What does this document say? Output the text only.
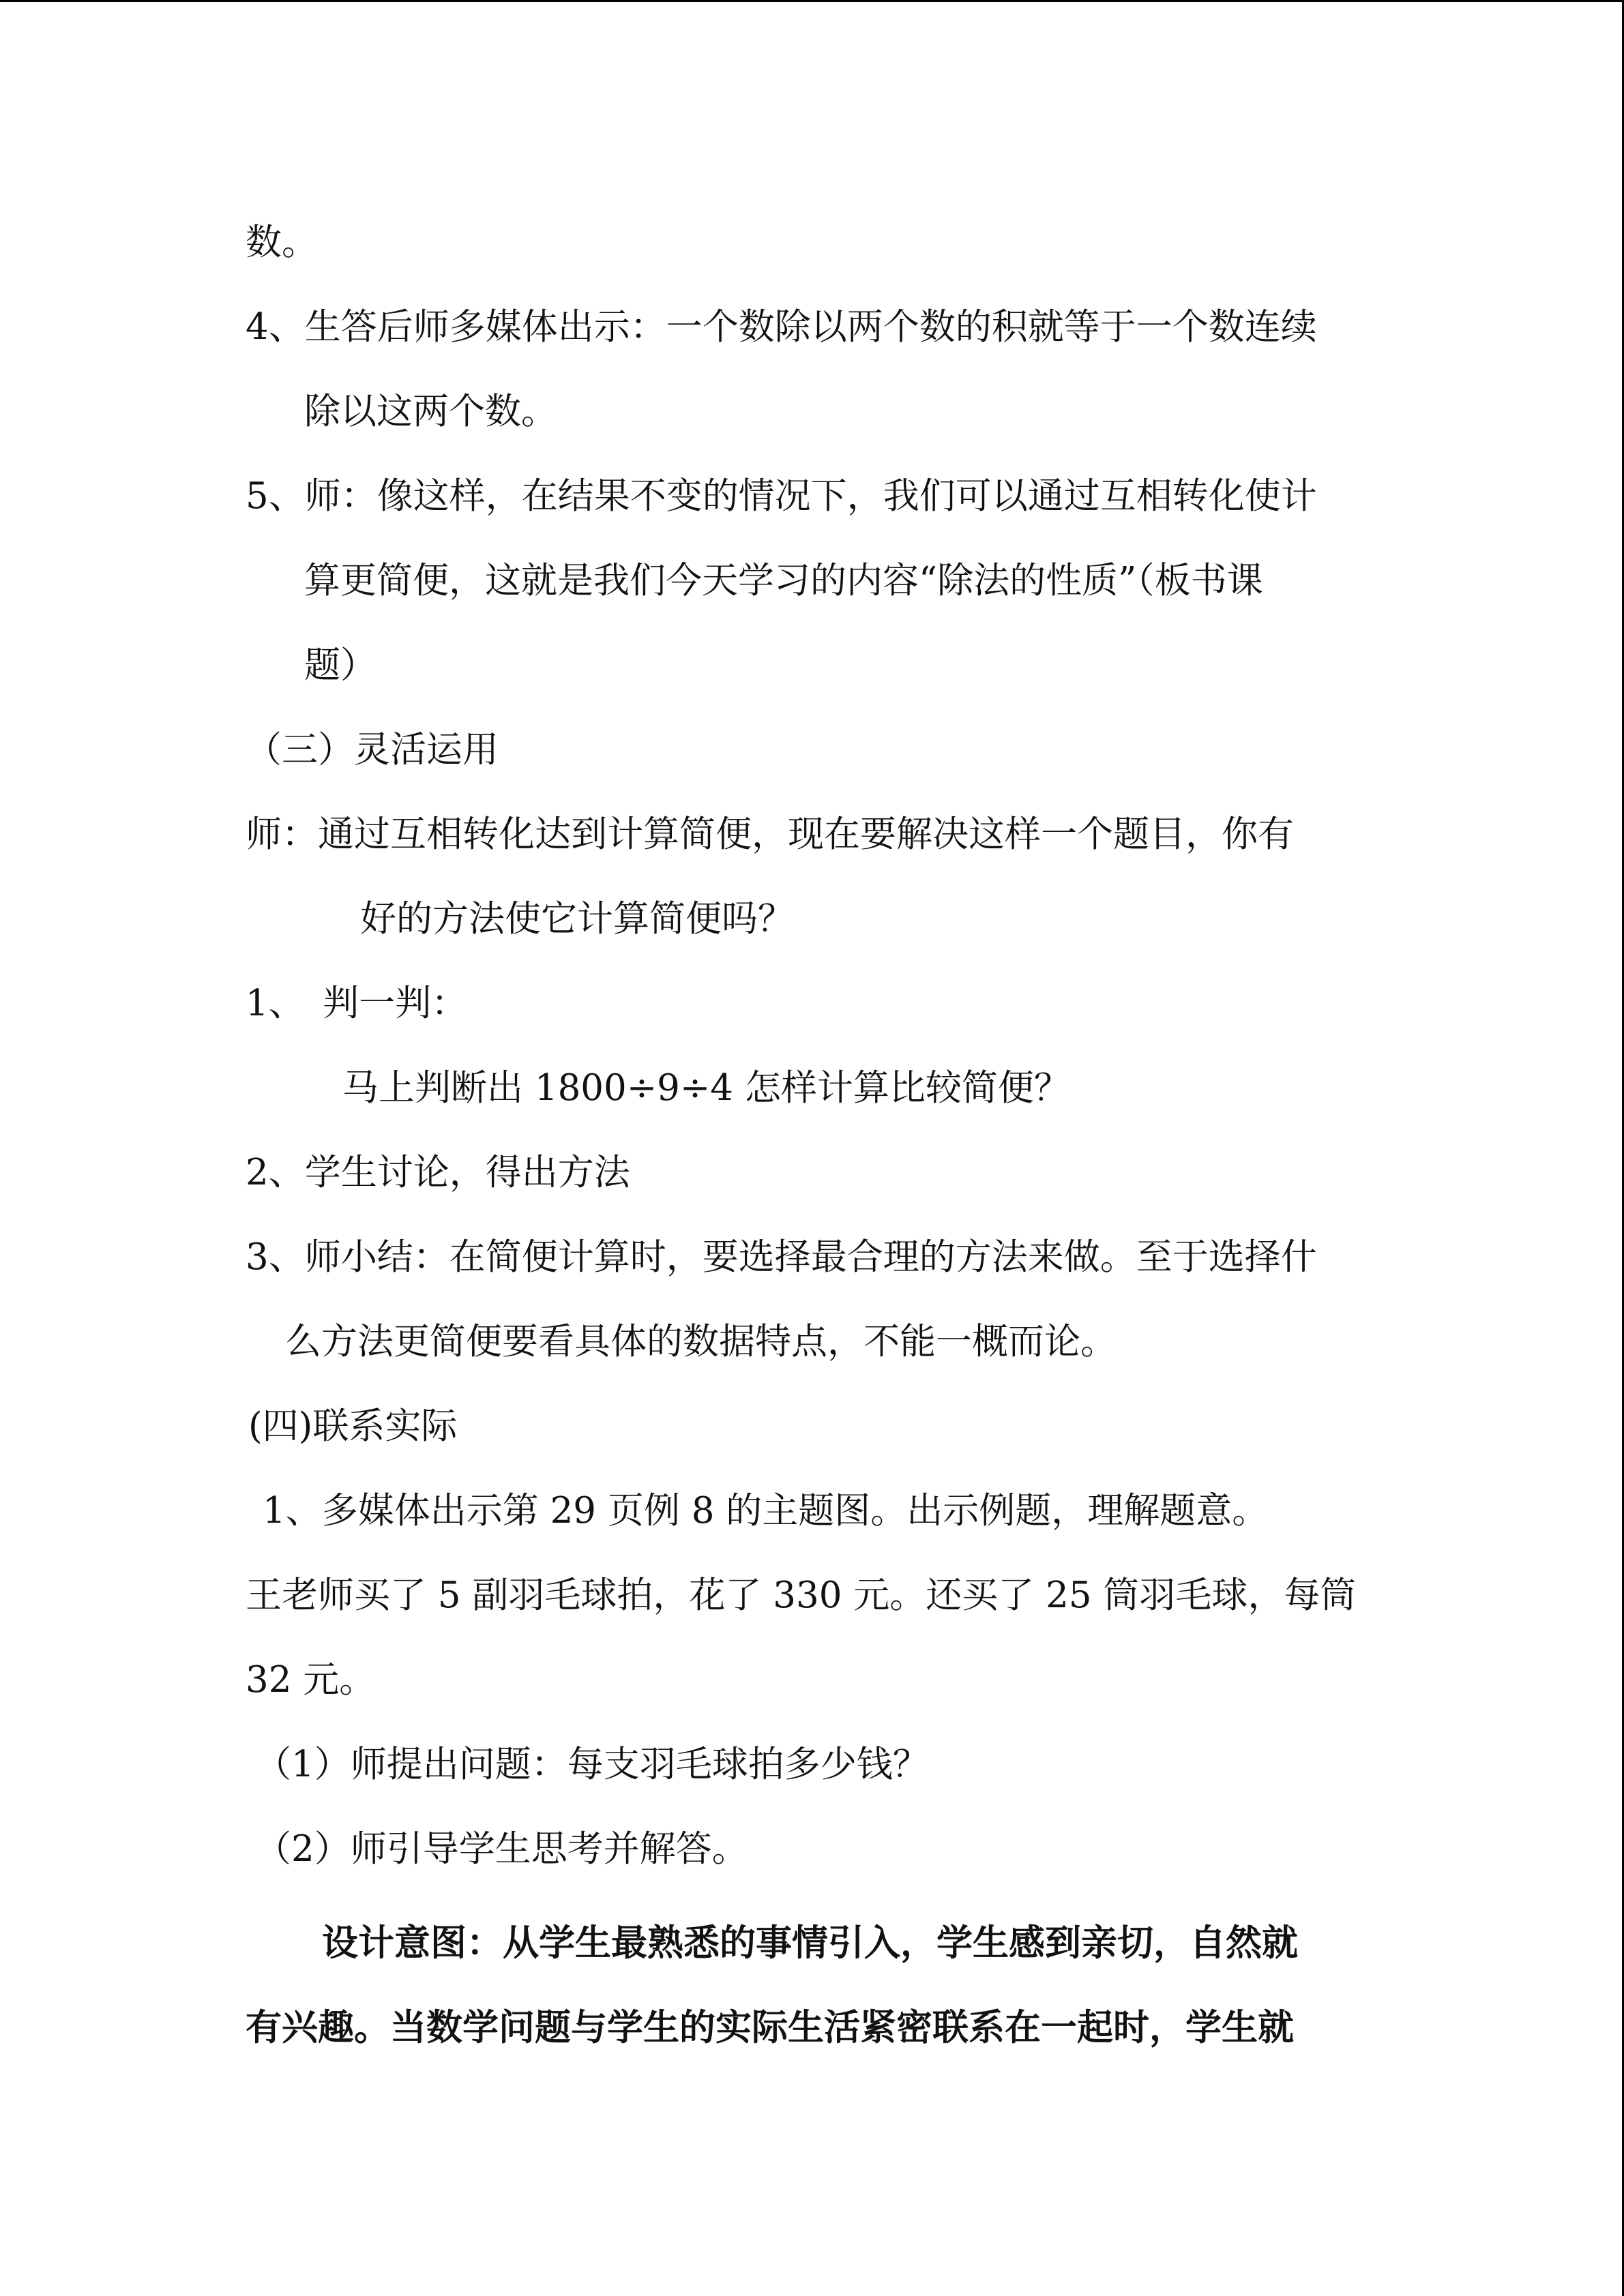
数。
4、生答后师多媒体出示：一个数除以两个数的积就等于一个数连续
除以这两个数。
5、师：像这样，在结果不变的情况下，我们可以通过互相转化使计
算更简便，这就是我们今天学习的内容“除法的性质”（板书课
题）
（三）灵活运用
师：通过互相转化达到计算简便，现在要解决这样一个题目，你有
好的方法使它计算简便吗？
1、　判一判：
马上判断出 1800÷9÷4 怎样计算比较简便？
2、学生讨论，得出方法
3、师小结：在简便计算时，要选择最合理的方法来做。至于选择什
么方法更简便要看具体的数据特点，不能一概而论。
(四)联系实际
1、多媒体出示第 29 页例 8 的主题图。出示例题，理解题意。
王老师买了 5 副羽毛球拍，花了 330 元。还买了 25 筒羽毛球，每筒
32 元。
（1）师提出问题：每支羽毛球拍多少钱？
（2）师引导学生思考并解答。
设计意图：从学生最熟悉的事情引入，学生感到亲切，自然就
有兴趣。当数学问题与学生的实际生活紧密联系在一起时，学生就
